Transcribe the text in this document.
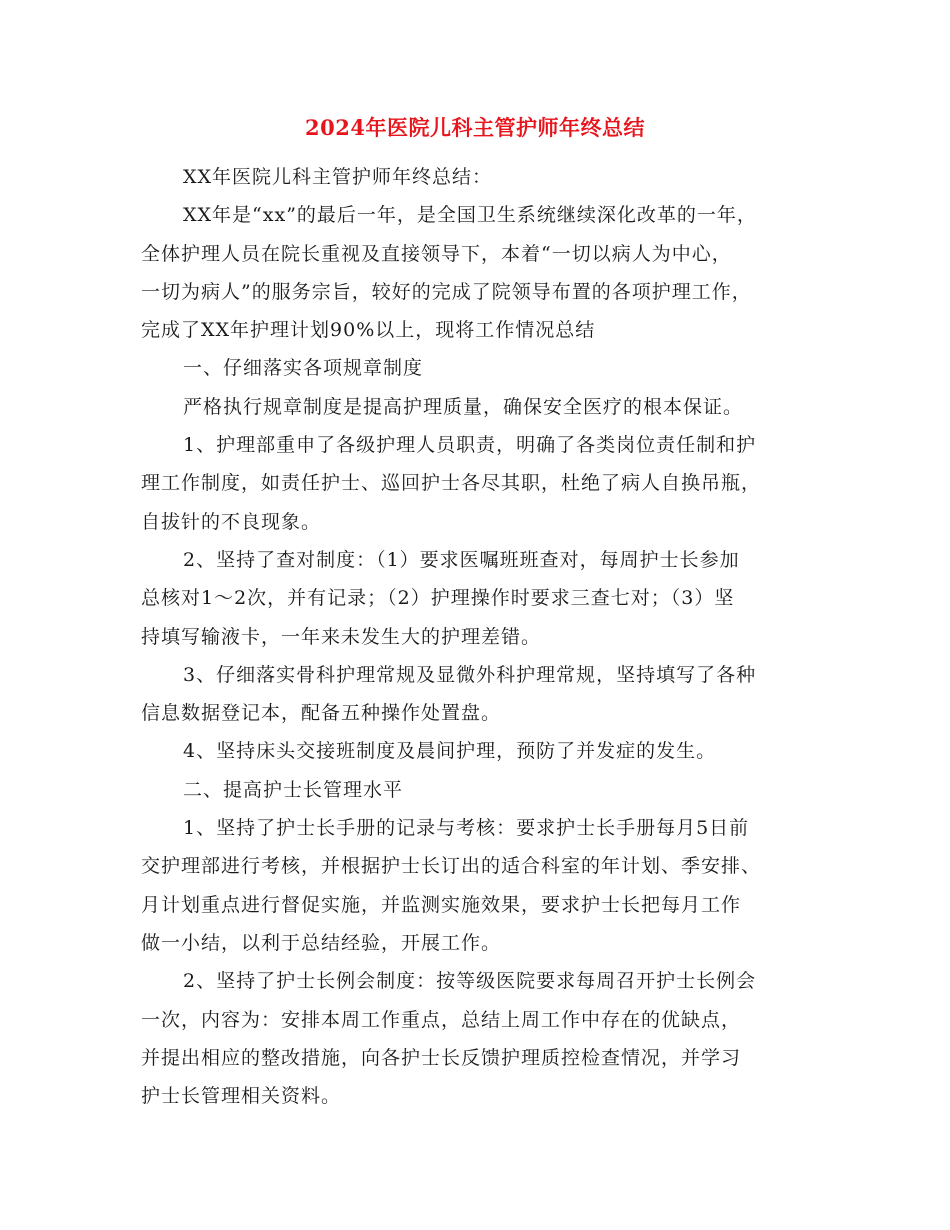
2024年医院儿科主管护师年终总结
XX年医院儿科主管护师年终总结：
XX年是“xx”的最后一年，是全国卫生系统继续深化改革的一年，
全体护理人员在院长重视及直接领导下，本着“一切以病人为中心，
一切为病人”的服务宗旨，较好的完成了院领导布置的各项护理工作，
完成了XX年护理计划90%以上，现将工作情况总结
一、仔细落实各项规章制度
严格执行规章制度是提高护理质量，确保安全医疗的根本保证。
1、护理部重申了各级护理人员职责，明确了各类岗位责任制和护
理工作制度，如责任护士、巡回护士各尽其职，杜绝了病人自换吊瓶，
自拔针的不良现象。
2、坚持了查对制度：（1）要求医嘱班班查对，每周护士长参加
总核对1～2次，并有记录；（2）护理操作时要求三查七对；（3）坚
持填写输液卡，一年来未发生大的护理差错。
3、仔细落实骨科护理常规及显微外科护理常规，坚持填写了各种
信息数据登记本，配备五种操作处置盘。
4、坚持床头交接班制度及晨间护理，预防了并发症的发生。
二、提高护士长管理水平
1、坚持了护士长手册的记录与考核：要求护士长手册每月5日前
交护理部进行考核，并根据护士长订出的适合科室的年计划、季安排、
月计划重点进行督促实施，并监测实施效果，要求护士长把每月工作
做一小结，以利于总结经验，开展工作。
2、坚持了护士长例会制度：按等级医院要求每周召开护士长例会
一次，内容为：安排本周工作重点，总结上周工作中存在的优缺点，
并提出相应的整改措施，向各护士长反馈护理质控检查情况，并学习
护士长管理相关资料。
